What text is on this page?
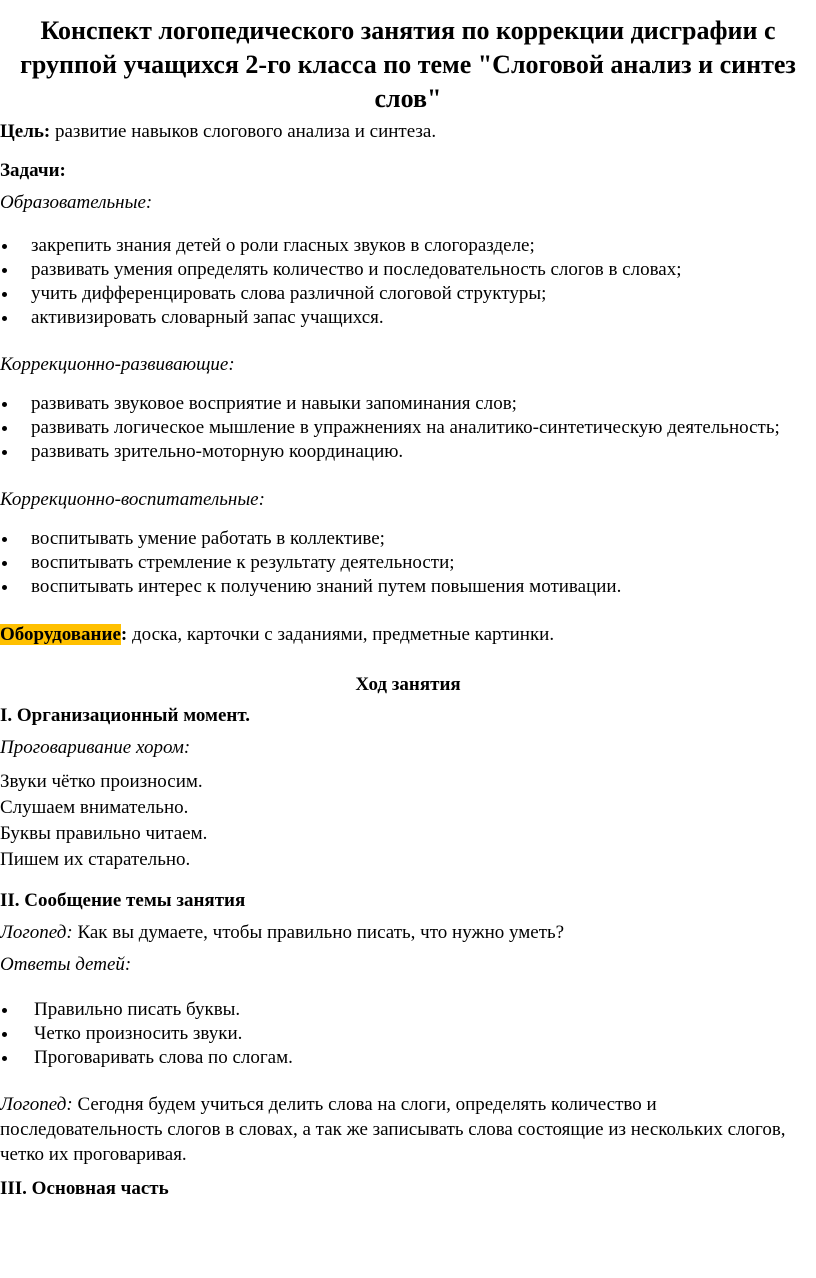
Конспект логопедического занятия по коррекции дисграфии с группой учащихся 2-го класса по теме "Слоговой анализ и синтез слов"

Цель: развитие навыков слогового анализа и синтеза.

Задачи:

Образовательные:

закрепить знания детей о роли гласных звуков в слогоразделе;
развивать умения определять количество и последовательность слогов в словах;
учить дифференцировать слова различной слоговой структуры;
активизировать словарный запас учащихся.

Коррекционно-развивающие:

развивать звуковое восприятие и навыки запоминания слов;
развивать логическое мышление в упражнениях на аналитико-синтетическую деятельность;
развивать зрительно-моторную координацию.

Коррекционно-воспитательные:

воспитывать умение работать в коллективе;
воспитывать стремление к результату деятельности;
воспитывать интерес к получению знаний путем повышения мотивации.

Оборудование: доска, карточки с заданиями, предметные картинки.

Ход занятия

I. Организационный момент.

Проговаривание хором:

Звуки чётко произносим.

Слушаем внимательно.

Буквы правильно читаем.

Пишем их старательно.

II. Сообщение темы занятия

Логопед: Как вы думаете, чтобы правильно писать, что нужно уметь?

Ответы детей:

Правильно писать буквы.
Четко произносить звуки.
Проговаривать слова по слогам.

Логопед: Сегодня будем учиться делить слова на слоги, определять количество и последовательность слогов в словах, а так же записывать слова состоящие из нескольких слогов, четко их проговаривая.

III. Основная часть
